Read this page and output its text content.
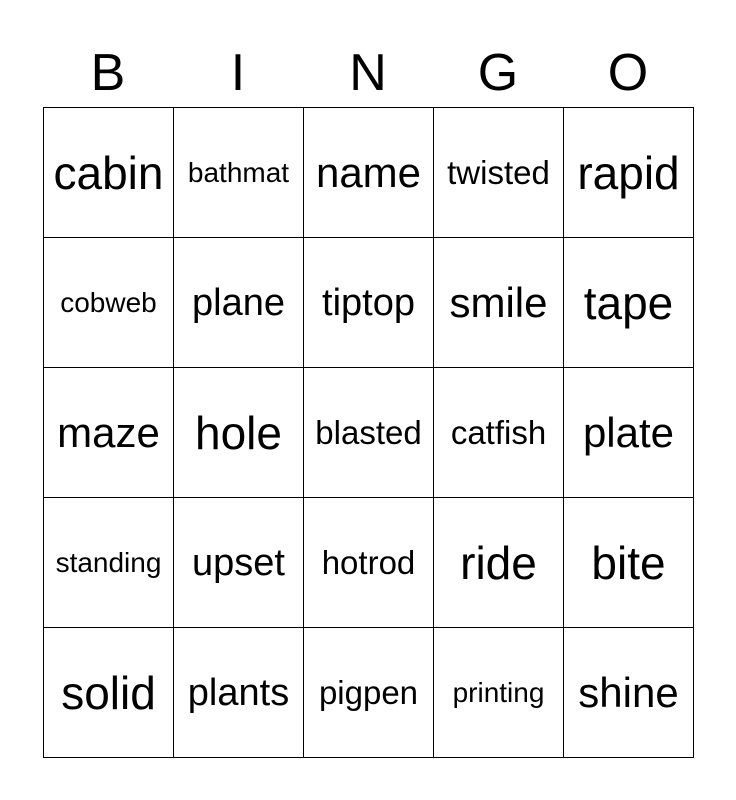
B	I	N	G	O
cabin bathmat name twisted rapid
cobweb plane tiptop smile tape
maze hole	blasted catfish plate
standing upset	hotrod ride	bite
solid plants pigpen	printing shine
